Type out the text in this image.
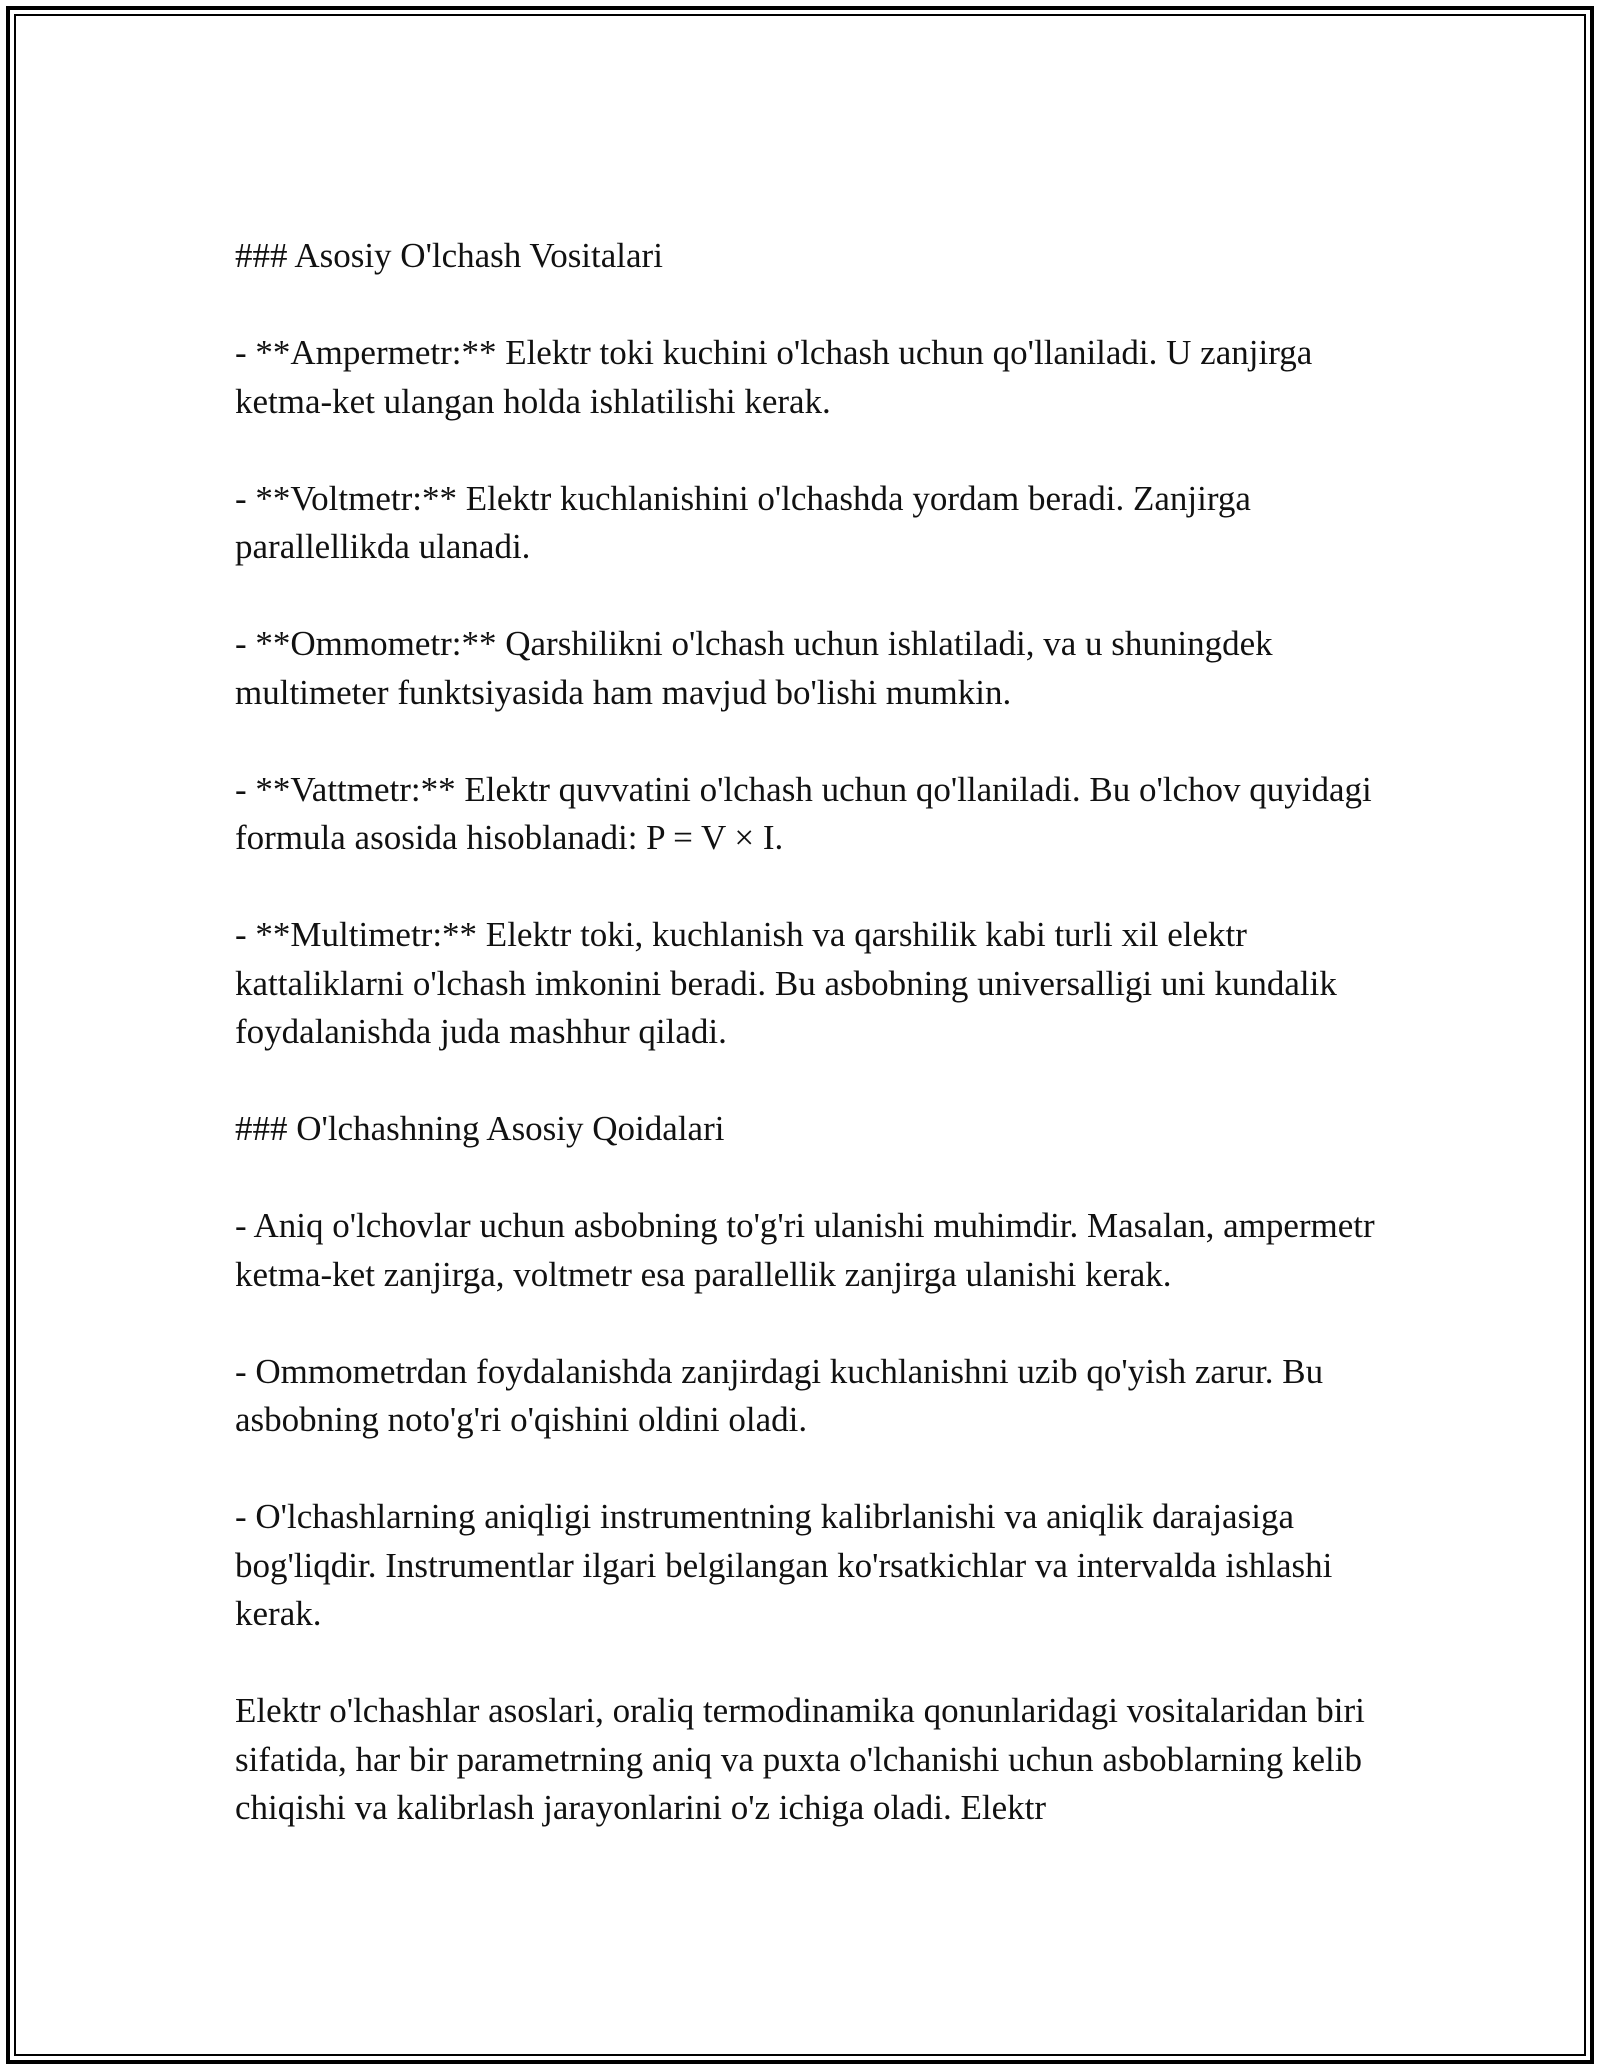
### Asosiy O'lchash Vositalari

- **Ampermetr:** Elektr toki kuchini o'lchash uchun qo'llaniladi. U zanjirga ketma-ket ulangan holda ishlatilishi kerak.

- **Voltmetr:** Elektr kuchlanishini o'lchashda yordam beradi. Zanjirga parallellikda ulanadi.

- **Ommometr:** Qarshilikni o'lchash uchun ishlatiladi, va u shuningdek multimeter funktsiyasida ham mavjud bo'lishi mumkin.

- **Vattmetr:** Elektr quvvatini o'lchash uchun qo'llaniladi. Bu o'lchov quyidagi formula asosida hisoblanadi: P = V × I.

- **Multimetr:** Elektr toki, kuchlanish va qarshilik kabi turli xil elektr kattaliklarni o'lchash imkonini beradi. Bu asbobning universalligi uni kundalik foydalanishda juda mashhur qiladi.

### O'lchashning Asosiy Qoidalari

- Aniq o'lchovlar uchun asbobning to'g'ri ulanishi muhimdir. Masalan, ampermetr ketma-ket zanjirga, voltmetr esa parallellik zanjirga ulanishi kerak.

- Ommometrdan foydalanishda zanjirdagi kuchlanishni uzib qo'yish zarur. Bu asbobning noto'g'ri o'qishini oldini oladi.

- O'lchashlarning aniqligi instrumentning kalibrlanishi va aniqlik darajasiga bog'liqdir. Instrumentlar ilgari belgilangan ko'rsatkichlar va intervalda ishlashi kerak.

Elektr o'lchashlar asoslari, oraliq termodinamika qonunlaridagi vositalaridan biri sifatida, har bir parametrning aniq va puxta o'lchanishi uchun asboblarning kelib chiqishi va kalibrlash jarayonlarini o'z ichiga oladi. Elektr
